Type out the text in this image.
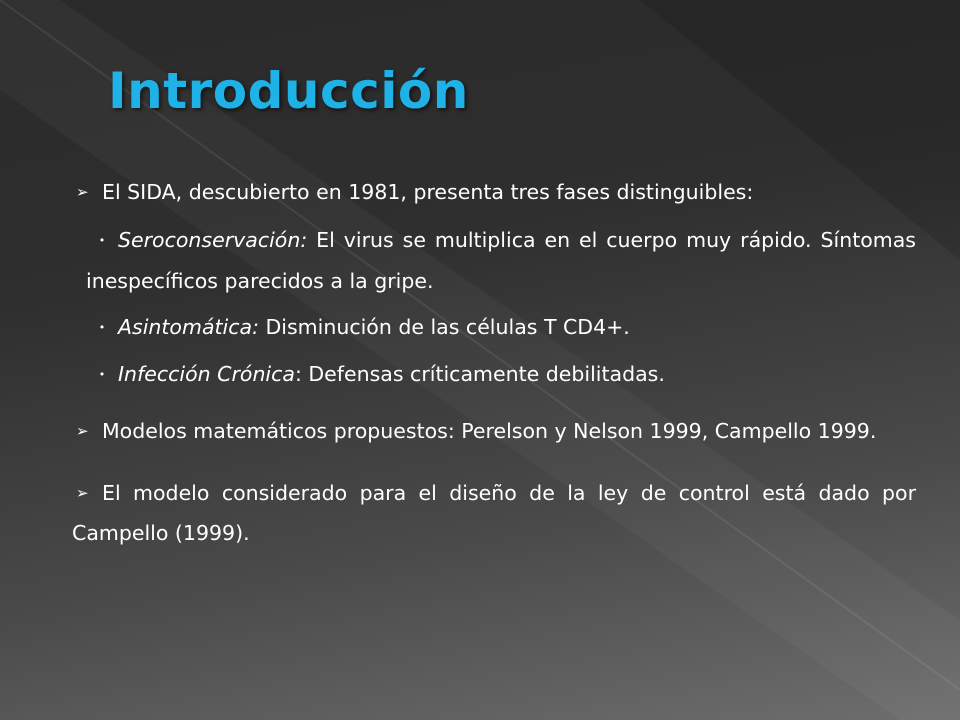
Introducción

➢ El SIDA, descubierto en 1981, presenta tres fases distinguibles:

• Seroconservación: El virus se multiplica en el cuerpo muy rápido. Síntomas inespecíficos parecidos a la gripe.

• Asintomática: Disminución de las células T CD4+.

• Infección Crónica: Defensas críticamente debilitadas.

➢ Modelos matemáticos propuestos: Perelson y Nelson 1999, Campello 1999.

➢ El modelo considerado para el diseño de la ley de control está dado por Campello (1999).
